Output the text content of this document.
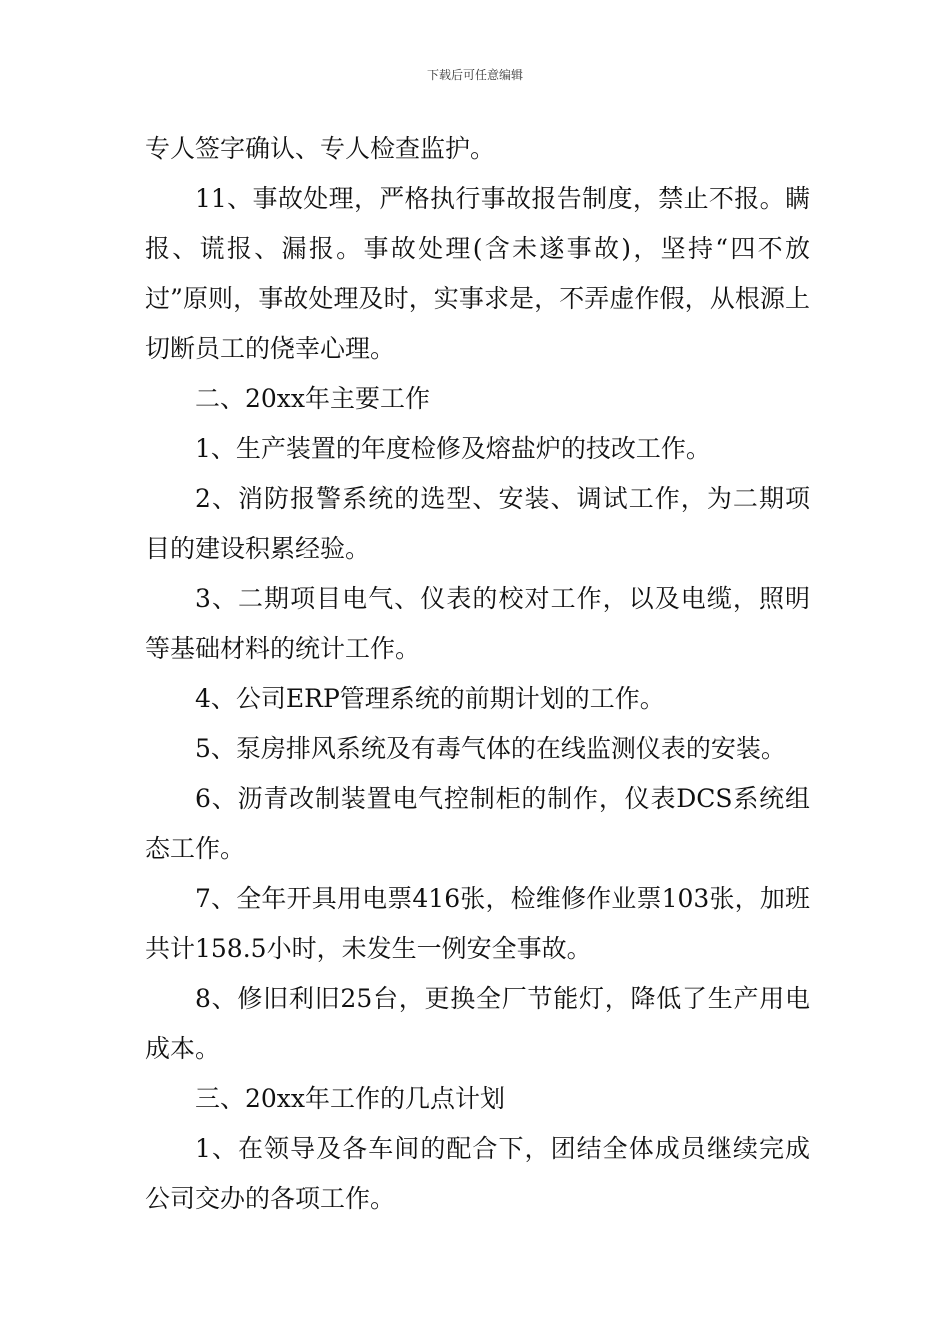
下载后可任意编辑

专人签字确认、专人检查监护。

11、事故处理，严格执行事故报告制度，禁止不报。瞒报、谎报、漏报。事故处理(含未遂事故)，坚持“四不放过”原则，事故处理及时，实事求是，不弄虚作假，从根源上切断员工的侥幸心理。

二、20xx年主要工作

1、生产装置的年度检修及熔盐炉的技改工作。

2、消防报警系统的选型、安装、调试工作，为二期项目的建设积累经验。

3、二期项目电气、仪表的校对工作，以及电缆，照明等基础材料的统计工作。

4、公司ERP管理系统的前期计划的工作。

5、泵房排风系统及有毒气体的在线监测仪表的安装。

6、沥青改制装置电气控制柜的制作，仪表DCS系统组态工作。

7、全年开具用电票416张，检维修作业票103张，加班共计158.5小时，未发生一例安全事故。

8、修旧利旧25台，更换全厂节能灯，降低了生产用电成本。

三、20xx年工作的几点计划

1、在领导及各车间的配合下，团结全体成员继续完成公司交办的各项工作。
